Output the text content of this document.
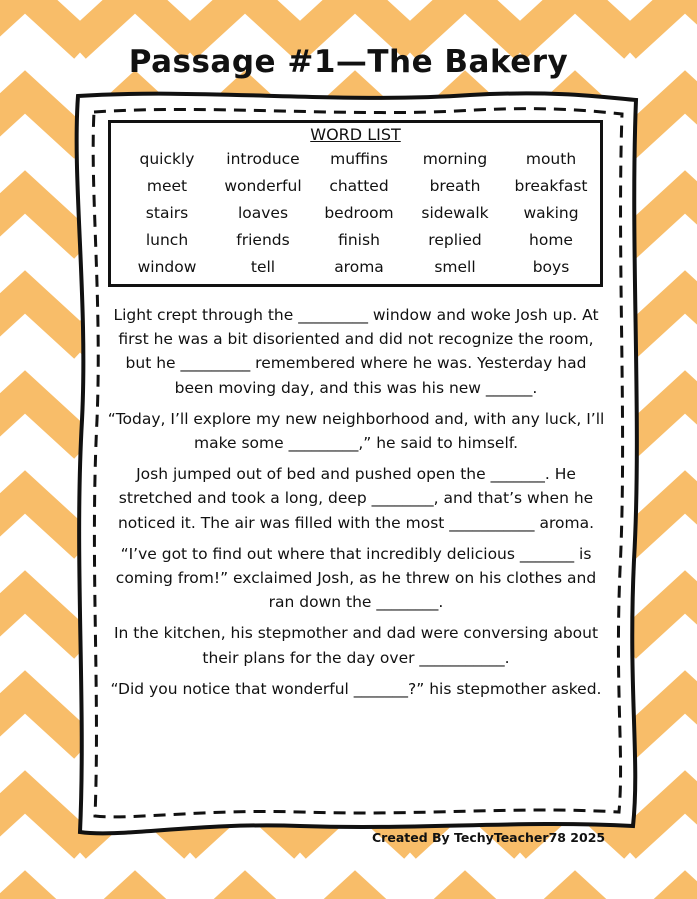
Passage #1—The Bakery
WORD LIST
quickly	introduce	muffins	morning	mouth
meet	wonderful	chatted	breath	breakfast
stairs	loaves	bedroom	sidewalk	waking
lunch	friends	finish	replied	home
window	tell	aroma	smell	boys

Light crept through the _________ window and woke Josh up. At first he was a bit disoriented and did not recognize the room, but he _________ remembered where he was. Yesterday had been moving day, and this was his new ______.

“Today, I’ll explore my new neighborhood and, with any luck, I’ll make some _________,” he said to himself.

Josh jumped out of bed and pushed open the _______. He stretched and took a long, deep ________, and that’s when he noticed it. The air was filled with the most ___________ aroma.

“I’ve got to find out where that incredibly delicious _______ is coming from!” exclaimed Josh, as he threw on his clothes and ran down the ________.

In the kitchen, his stepmother and dad were conversing about their plans for the day over ___________.

“Did you notice that wonderful _______?” his stepmother asked.

Created By TechyTeacher78 2025
